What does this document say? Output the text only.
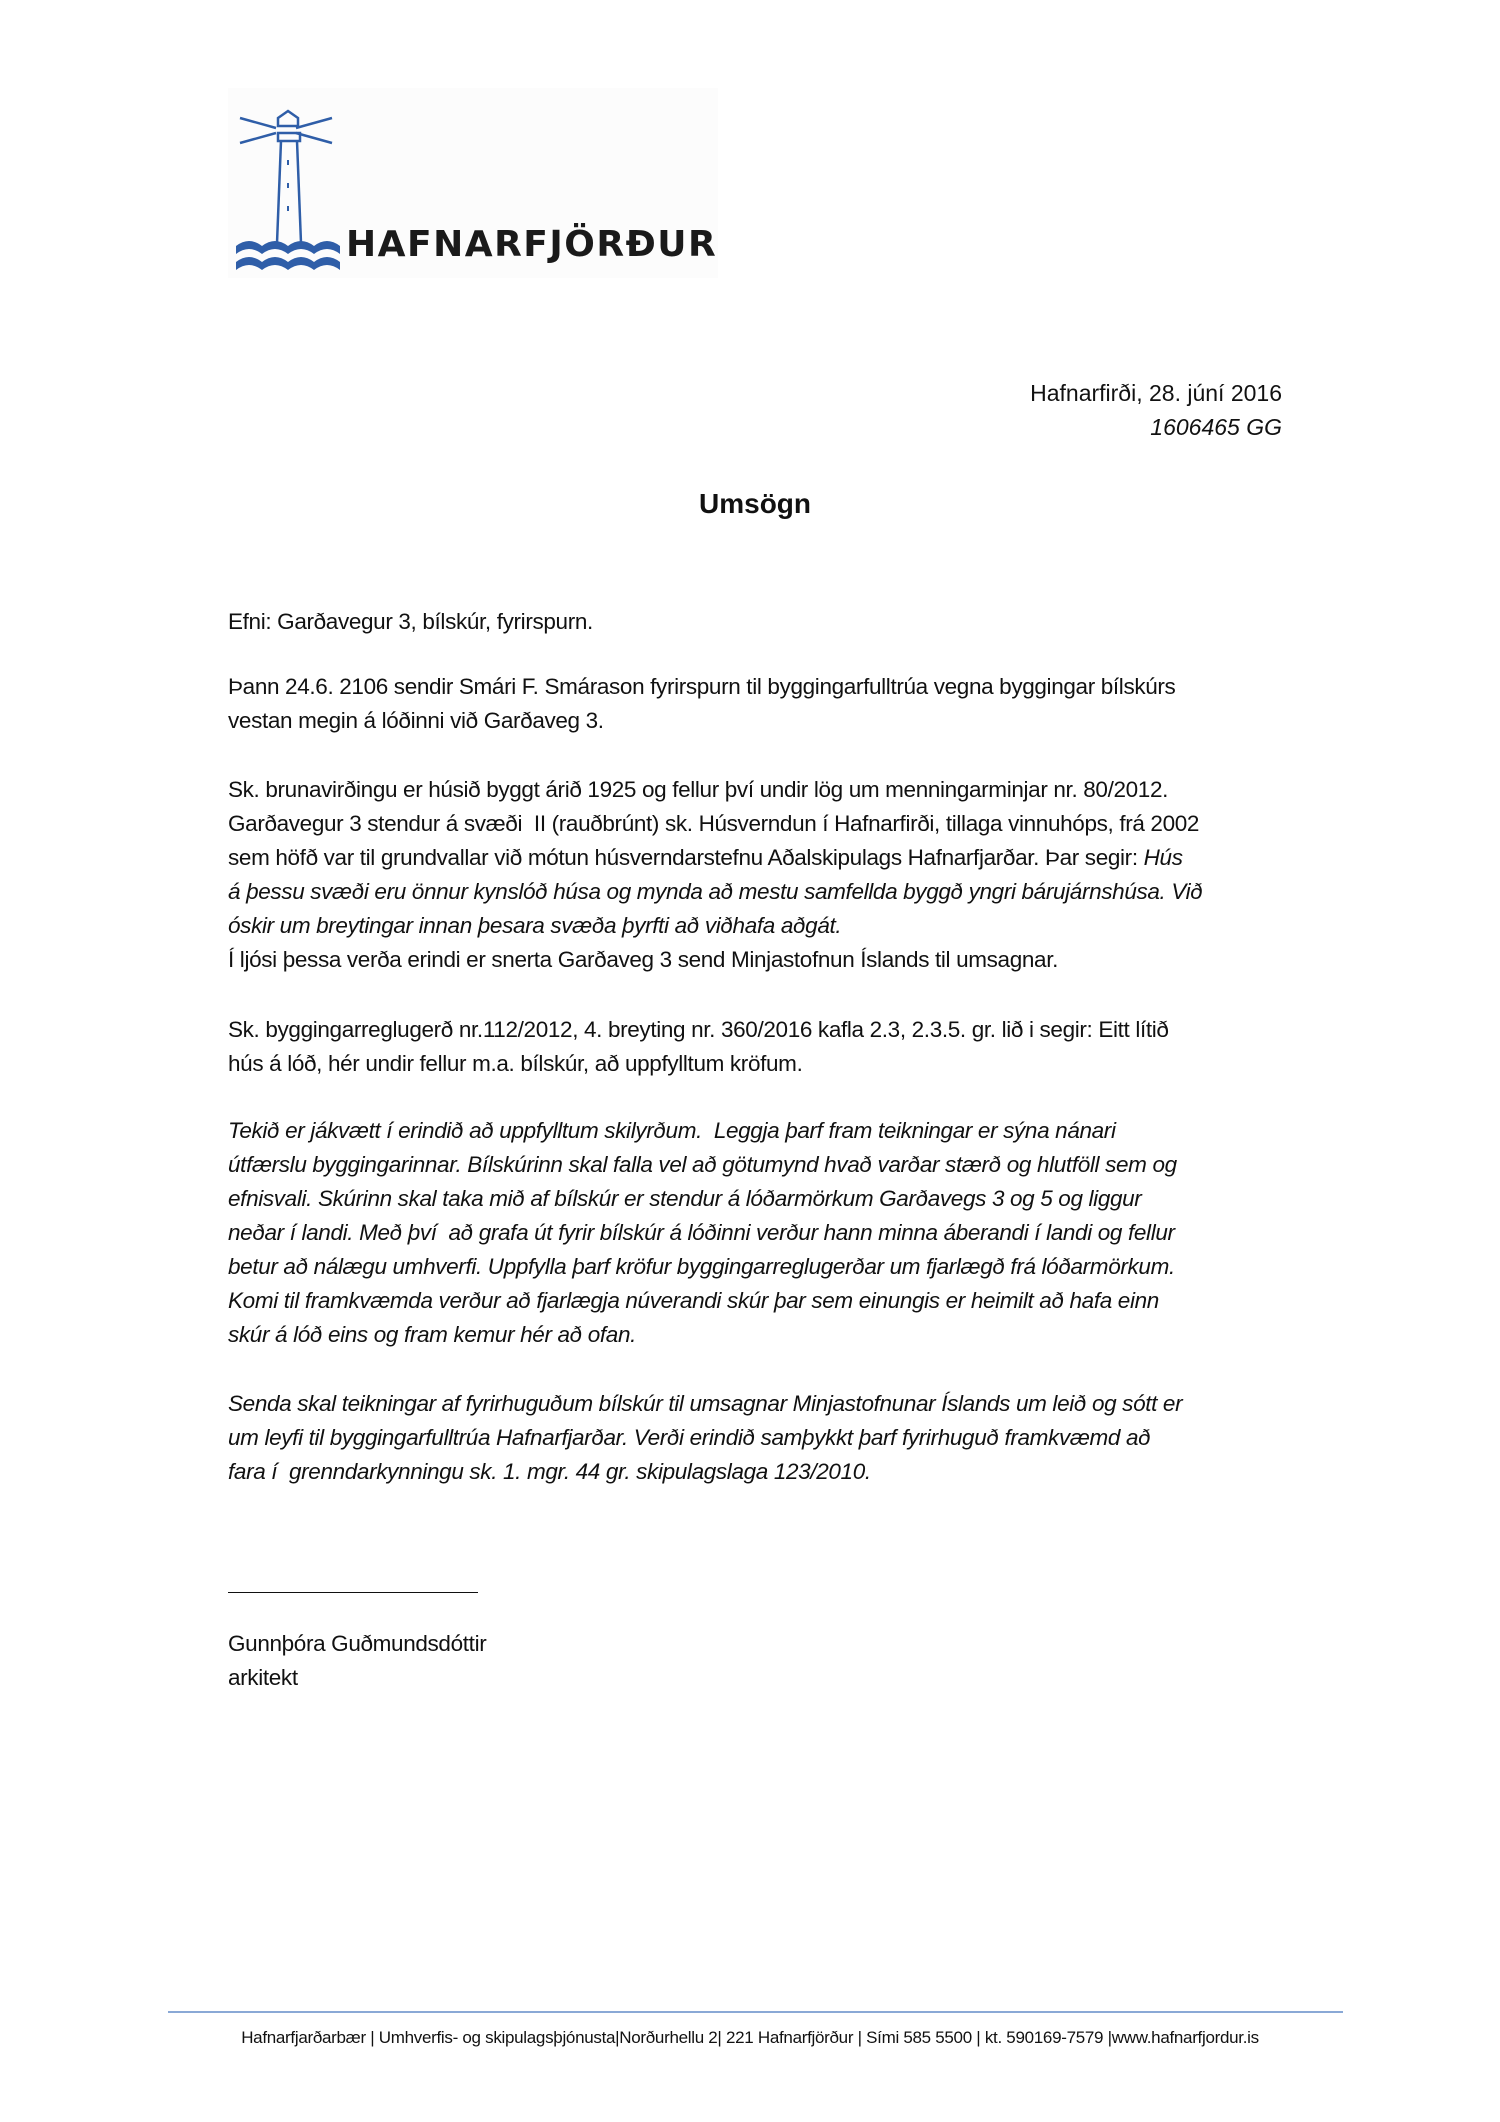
HAFNARFJÖRÐUR
Hafnarfirði, 28. júní 2016
1606465 GG
Umsögn
Efni: Garðavegur 3, bílskúr, fyrirspurn.
Þann 24.6. 2106 sendir Smári F. Smárason fyrirspurn til byggingarfulltrúa vegna byggingar bílskúrs
vestan megin á lóðinni við Garðaveg 3.
Sk. brunavirðingu er húsið byggt árið 1925 og fellur því undir lög um menningarminjar nr. 80/2012.
Garðavegur 3 stendur á svæði  II (rauðbrúnt) sk. Húsverndun í Hafnarfirði, tillaga vinnuhóps, frá 2002
sem höfð var til grundvallar við mótun húsverndarstefnu Aðalskipulags Hafnarfjarðar. Þar segir: Hús
á þessu svæði eru önnur kynslóð húsa og mynda að mestu samfellda byggð yngri bárujárnshúsa. Við
óskir um breytingar innan þesara svæða þyrfti að viðhafa aðgát.
Í ljósi þessa verða erindi er snerta Garðaveg 3 send Minjastofnun Íslands til umsagnar.
Sk. byggingarreglugerð nr.112/2012, 4. breyting nr. 360/2016 kafla 2.3, 2.3.5. gr. lið i segir: Eitt lítið
hús á lóð, hér undir fellur m.a. bílskúr, að uppfylltum kröfum.
Tekið er jákvætt í erindið að uppfylltum skilyrðum.  Leggja þarf fram teikningar er sýna nánari
útfærslu byggingarinnar. Bílskúrinn skal falla vel að götumynd hvað varðar stærð og hlutföll sem og
efnisvali. Skúrinn skal taka mið af bílskúr er stendur á lóðarmörkum Garðavegs 3 og 5 og liggur
neðar í landi. Með því  að grafa út fyrir bílskúr á lóðinni verður hann minna áberandi í landi og fellur
betur að nálægu umhverfi. Uppfylla þarf kröfur byggingarreglugerðar um fjarlægð frá lóðarmörkum.
Komi til framkvæmda verður að fjarlægja núverandi skúr þar sem einungis er heimilt að hafa einn
skúr á lóð eins og fram kemur hér að ofan.
Senda skal teikningar af fyrirhuguðum bílskúr til umsagnar Minjastofnunar Íslands um leið og sótt er
um leyfi til byggingarfulltrúa Hafnarfjarðar. Verði erindið samþykkt þarf fyrirhuguð framkvæmd að
fara í  grenndarkynningu sk. 1. mgr. 44 gr. skipulagslaga 123/2010.
Gunnþóra Guðmundsdóttir
arkitekt
Hafnarfjarðarbær | Umhverfis- og skipulagsþjónusta|Norðurhellu 2| 221 Hafnarfjörður | Sími 585 5500 | kt. 590169-7579 |www.hafnarfjordur.is
